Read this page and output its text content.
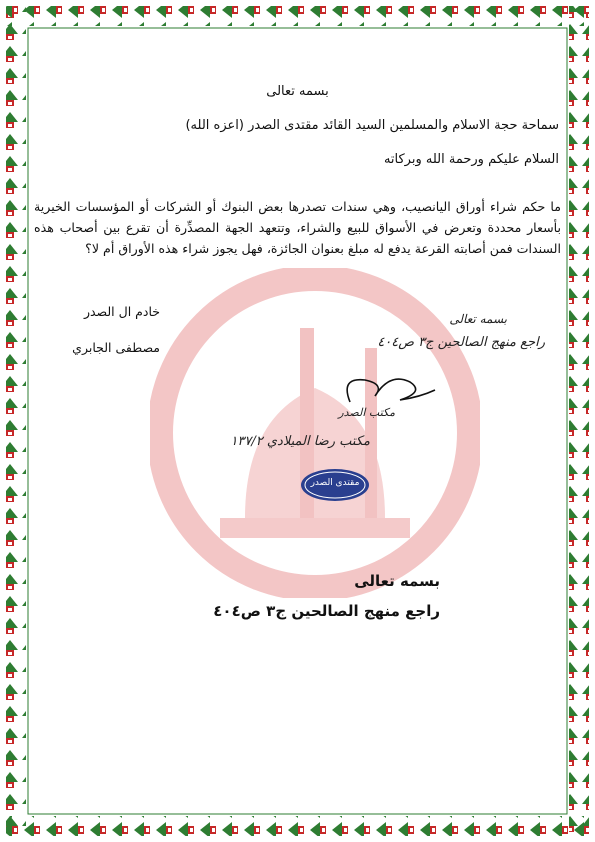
بسمه تعالى
سماحة حجة الاسلام والمسلمين السيد القائد مقتدى الصدر (اعزه الله)
السلام عليكم ورحمة الله وبركاته
ما حكم شراء أوراق اليانصيب، وهي سندات تصدرها بعض البنوك أو الشركات أو المؤسسات الخيرية بأسعار محددة وتعرض في الأسواق للبيع والشراء، وتتعهد الجهة المصدِّرة أن تقرع بين أصحاب هذه السندات فمن أصابته القرعة يدفع له مبلغ بعنوان الجائزة، فهل يجوز شراء هذه الأوراق أم لا؟
خادم ال الصدر
مصطفى الجابري
بسمه تعالى
راجع منهج الصالحين ج٣ ص٤٠٤
مكتب الصدر
مكتب رضا الميلادي ١٣٧/٢
مقتدى الصدر
بسمه تعالى
راجع منهج الصالحين ج٣ ص٤٠٤
